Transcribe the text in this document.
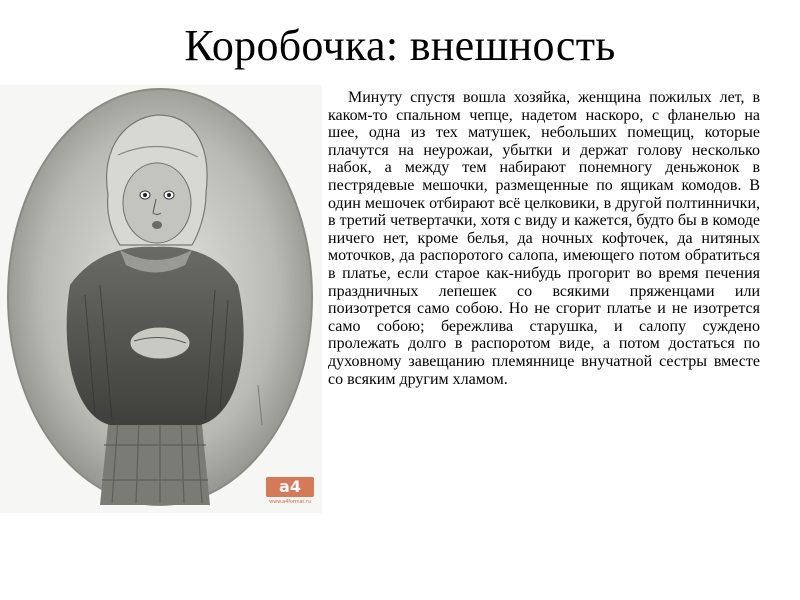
Коробочка: внешность
a4
www.a4format.ru

Минуту спустя вошла хозяйка, женщина пожилых лет, в каком-то спальном чепце, надетом наскоро, с фланелью на шее, одна из тех матушек, небольших помещиц, которые плачутся на неурожаи, убытки и держат голову несколько набок, а между тем набирают понемногу деньжонок в пестрядевые мешочки, размещенные по ящикам комодов. В один мешочек отбирают всё целковики, в другой полтиннички, в третий четвертачки, хотя с виду и кажется, будто бы в комоде ничего нет, кроме белья, да ночных кофточек, да нитяных моточков, да распоротого салопа, имеющего потом обратиться в платье, если старое как-нибудь прогорит во время печения праздничных лепешек со всякими пряженцами или поизотрется само собою. Но не сгорит платье и не изотрется само собою; бережлива старушка, и салопу суждено пролежать долго в распоротом виде, а потом достаться по духовному завещанию племяннице внучатной сестры вместе со всяким другим хламом.
